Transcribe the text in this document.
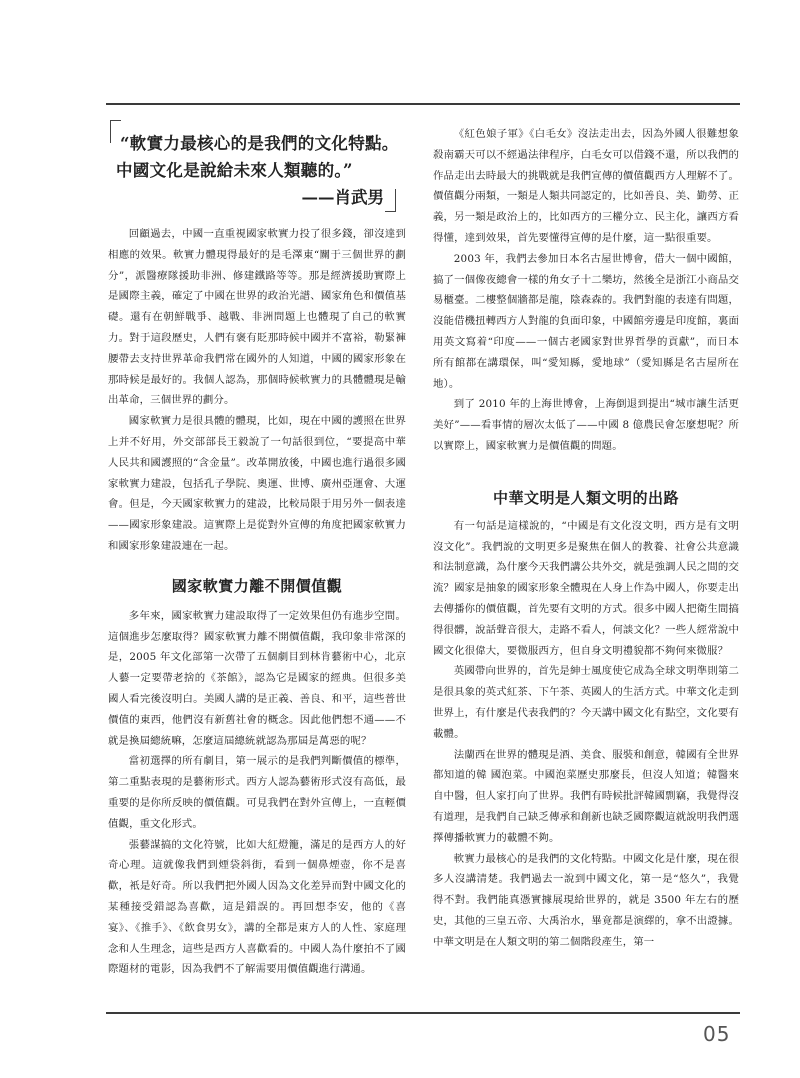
“軟實力最核心的是我們的文化特點。
中國文化是說給未來人類聽的。”
——肖武男

回顧過去，中國一直重視國家軟實力投了很多錢，卻沒達到相應的效果。軟實力體現得最好的是毛澤東“關于三個世界的劃分”，派醫療隊援助非洲、修建鐵路等等。那是經濟援助實際上是國際主義，確定了中國在世界的政治光譜、國家角色和價值基礎。還有在朝鮮戰爭、越戰、非洲問題上也體現了自己的軟實力。對于這段歷史，人們有褒有貶那時候中國并不富裕，勒緊褲腰帶去支持世界革命我們常在國外的人知道，中國的國家形象在那時候是最好的。我個人認為，那個時候軟實力的具體體現是輸出革命，三個世界的劃分。

國家軟實力是很具體的體現，比如，現在中國的護照在世界上并不好用，外交部部長王毅說了一句話很到位，“要提高中華人民共和國護照的“含金量”。改革開放後，中國也進行過很多國家軟實力建設，包括孔子學院、奧運、世博、廣州亞運會、大運會。但是，今天國家軟實力的建設，比較局限于用另外一個表達——國家形象建設。這實際上是從對外宣傳的角度把國家軟實力和國家形象建設連在一起。

國家軟實力離不開價值觀

多年來，國家軟實力建設取得了一定效果但仍有進步空間。這個進步怎麼取得？國家軟實力離不開價值觀，我印象非常深的是，2005 年文化部第一次帶了五個劇目到林肯藝術中心，北京人藝一定要帶老捨的《茶館》，認為它是國家的經典。但很多美國人看完後沒明白。美國人講的是正義、善良、和平，這些普世價值的東西，他們沒有新舊社會的概念。因此他們想不通——不就是換屆總統嘛，怎麼這屆總統就認為那屆是萬惡的呢？

當初選擇的所有劇目，第一展示的是我們判斷價值的標準，第二重點表現的是藝術形式。西方人認為藝術形式沒有高低，最重要的是你所反映的價值觀。可見我們在對外宣傳上，一直輕價值觀，重文化形式。

張藝謀搞的文化符號，比如大紅燈籠，滿足的是西方人的好奇心理。這就像我們到煙袋斜街，看到一個鼻煙壺，你不是喜歡，衹是好奇。所以我們把外國人因為文化差异而對中國文化的某種接受錯認為喜歡，這是錯誤的。再回想李安，他的《喜宴》、《推手》、《飲食男女》，講的全都是東方人的人性、家庭理念和人生理念，這些是西方人喜歡看的。中國人為什麼拍不了國際題材的電影，因為我們不了解需要用價值觀進行溝通。

《紅色娘子軍》《白毛女》沒法走出去，因為外國人很難想象殺南霸天可以不經過法律程序，白毛女可以借錢不還，所以我們的作品走出去時最大的挑戰就是我們宣傳的價值觀西方人理解不了。價值觀分兩類，一類是人類共同認定的，比如善良、美、勤勞、正義，另一類是政治上的，比如西方的三權分立、民主化，讓西方看得懂，達到效果，首先要懂得宣傳的是什麼，這一點很重要。

2003 年，我們去參加日本名古屋世博會，借大一個中國館，搞了一個像夜總會一樣的角女子十二樂坊，然後全是浙江小商品交易櫃臺。二樓整個牆都是龍，陰森森的。我們對龍的表達有問題，沒能借機扭轉西方人對龍的負面印象，中國館旁邊是印度館，裏面用英文寫着“印度——一個古老國家對世界哲學的貢獻”，而日本所有館都在講環保，叫“愛知縣，愛地球”（愛知縣是名古屋所在地）。

到了 2010 年的上海世博會，上海倒退到提出“城市讓生活更美好”——看事情的層次太低了——中國 8 億農民會怎麼想呢？所以實際上，國家軟實力是價值觀的問題。

中華文明是人類文明的出路

有一句話是這樣說的，“中國是有文化沒文明，西方是有文明沒文化”。我們說的文明更多是聚焦在個人的教養、社會公共意識和法制意識，為什麼今天我們講公共外交，就是強調人民之間的交流？國家是抽象的國家形象全體現在人身上作為中國人，你要走出去傳播你的價值觀，首先要有文明的方式。很多中國人把衛生間搞得很髒，說話聲音很大，走路不看人，何談文化？一些人經常說中國文化很偉大，要微服西方，但自身文明禮貌都不夠何來微服？

英國帶向世界的，首先是紳士風度使它成為全球文明準則第二是很具象的英式紅茶、下午茶、英國人的生活方式。中華文化走到世界上，有什麼是代表我們的？今天講中國文化有點空，文化要有載體。

法蘭西在世界的體現是酒、美食、服裝和創意，韓國有全世界都知道的韓 國泡菜。中國泡菜歷史那麼長，但沒人知道；韓醫來自中醫，但人家打向了世界。我們有時候批評韓國剽竊，我覺得沒有道理，是我們自己缺乏傳承和創新也缺乏國際觀這就說明我們選擇傳播軟實力的載體不夠。

軟實力最核心的是我們的文化特點。中國文化是什麼，現在很多人沒講清楚。我們過去一說到中國文化，第一是“悠久”，我覺得不對。我們能真憑實據展現給世界的，就是 3500 年左右的歷史，其他的三皇五帝、大禹治水，畢竟都是演繹的，拿不出證據。中華文明是在人類文明的第二個階段產生，第一

05
